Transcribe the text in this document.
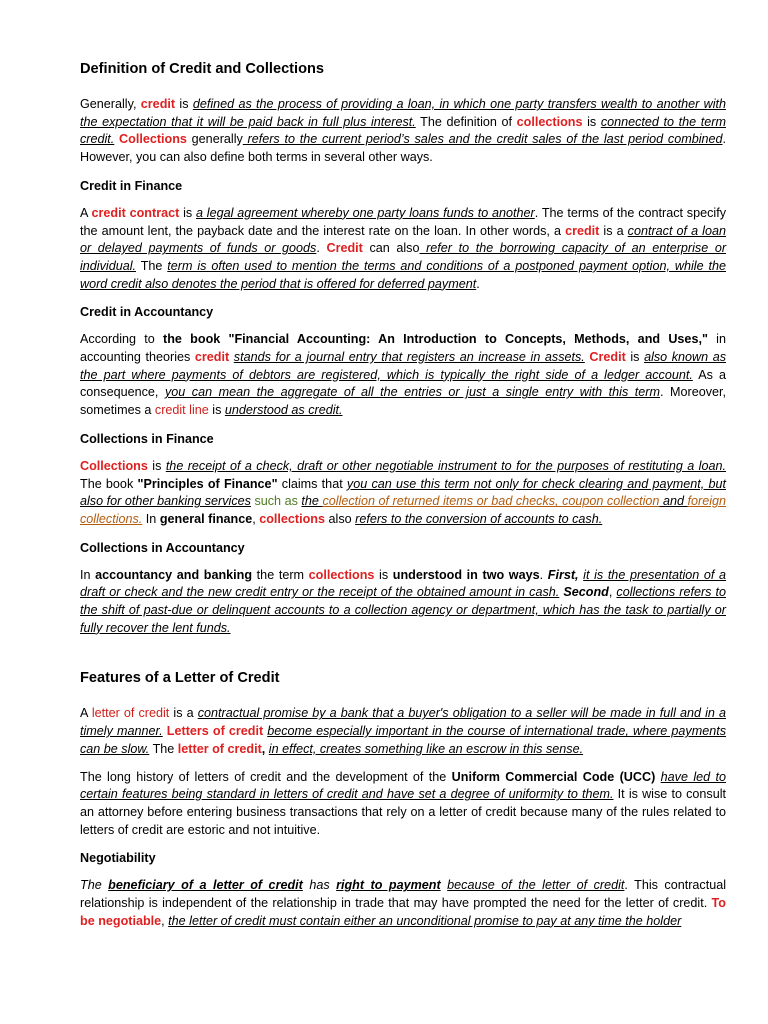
Definition of Credit and Collections

Generally, credit is defined as the process of providing a loan, in which one party transfers wealth to another with the expectation that it will be paid back in full plus interest. The definition of collections is connected to the term credit. Collections generally refers to the current period’s sales and the credit sales of the last period combined. However, you can also define both terms in several other ways.

Credit in Finance

A credit contract is a legal agreement whereby one party loans funds to another. The terms of the contract specify the amount lent, the payback date and the interest rate on the loan. In other words, a credit is a contract of a loan or delayed payments of funds or goods. Credit can also refer to the borrowing capacity of an enterprise or individual. The term is often used to mention the terms and conditions of a postponed payment option, while the word credit also denotes the period that is offered for deferred payment.

Credit in Accountancy

According to the book "Financial Accounting: An Introduction to Concepts, Methods, and Uses," in accounting theories credit stands for a journal entry that registers an increase in assets. Credit is also known as the part where payments of debtors are registered, which is typically the right side of a ledger account. As a consequence, you can mean the aggregate of all the entries or just a single entry with this term. Moreover, sometimes a credit line is understood as credit.

Collections in Finance

Collections is the receipt of a check, draft or other negotiable instrument to for the purposes of restituting a loan. The book "Principles of Finance" claims that you can use this term not only for check clearing and payment, but also for other banking services such as the collection of returned items or bad checks, coupon collection and foreign collections. In general finance, collections also refers to the conversion of accounts to cash.

Collections in Accountancy

In accountancy and banking the term collections is understood in two ways. First, it is the presentation of a draft or check and the new credit entry or the receipt of the obtained amount in cash. Second, collections refers to the shift of past-due or delinquent accounts to a collection agency or department, which has the task to partially or fully recover the lent funds.

Features of a Letter of Credit

A letter of credit is a contractual promise by a bank that a buyer's obligation to a seller will be made in full and in a timely manner. Letters of credit become especially important in the course of international trade, where payments can be slow. The letter of credit, in effect, creates something like an escrow in this sense.

The long history of letters of credit and the development of the Uniform Commercial Code (UCC) have led to certain features being standard in letters of credit and have set a degree of uniformity to them. It is wise to consult an attorney before entering business transactions that rely on a letter of credit because many of the rules related to letters of credit are estoric and not intuitive.

Negotiability

The beneficiary of a letter of credit has right to payment because of the letter of credit. This contractual relationship is independent of the relationship in trade that may have prompted the need for the letter of credit. To be negotiable, the letter of credit must contain either an unconditional promise to pay at any time the holder
